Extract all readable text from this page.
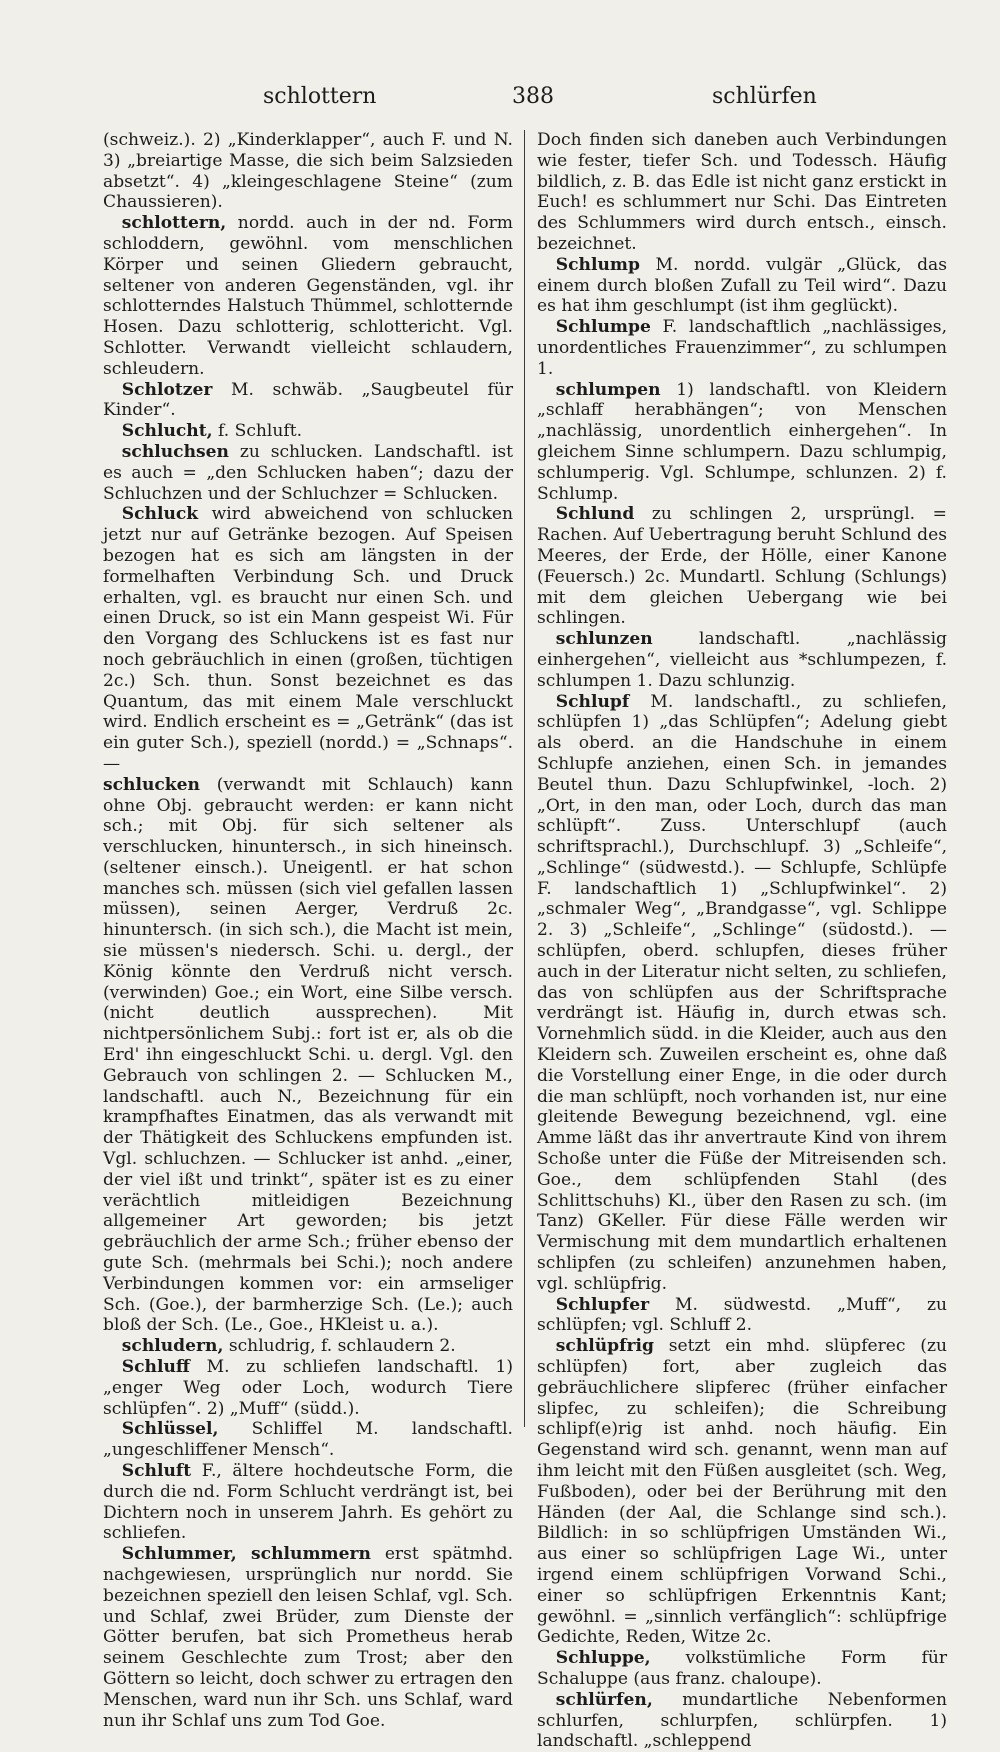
schlottern	388	schlürfen

(schweiz.). 2) „Kinderklapper“, auch F. und N. 3) „breiartige Masse, die sich beim Salzsieden absetzt“. 4) „kleingeschlagene Steine“ (zum Chaussieren).

schlottern, nordd. auch in der nd. Form schloddern, gewöhnl. vom menschlichen Körper und seinen Gliedern gebraucht, seltener von anderen Gegenständen, vgl. ihr schlotterndes Halstuch Thümmel, schlotternde Hosen. Dazu schlotterig, schlottericht. Vgl. Schlotter. Verwandt vielleicht schlaudern, schleudern.

Schlotzer M. schwäb. „Saugbeutel für Kinder“.

Schlucht, f. Schluft.

schluchsen zu schlucken. Landschaftl. ist es auch = „den Schlucken haben“; dazu der Schluchzen und der Schluchzer = Schlucken.

Schluck wird abweichend von schlucken jetzt nur auf Getränke bezogen. Auf Speisen bezogen hat es sich am längsten in der formelhaften Verbindung Sch. und Druck erhalten, vgl. es braucht nur einen Sch. und einen Druck, so ist ein Mann gespeist Wi. Für den Vorgang des Schluckens ist es fast nur noch gebräuchlich in einen (großen, tüchtigen 2c.) Sch. thun. Sonst bezeichnet es das Quantum, das mit einem Male verschluckt wird. Endlich erscheint es = „Getränk“ (das ist ein guter Sch.), speziell (nordd.) = „Schnaps“. —

schlucken (verwandt mit Schlauch) kann ohne Obj. gebraucht werden: er kann nicht sch.; mit Obj. für sich seltener als verschlucken, hinuntersch., in sich hineinsch. (seltener einsch.). Uneigentl. er hat schon manches sch. müssen (sich viel gefallen lassen müssen), seinen Aerger, Verdruß 2c. hinuntersch. (in sich sch.), die Macht ist mein, sie müssen's niedersch. Schi. u. dergl., der König könnte den Verdruß nicht versch. (verwinden) Goe.; ein Wort, eine Silbe versch. (nicht deutlich aussprechen). Mit nichtpersönlichem Subj.: fort ist er, als ob die Erd' ihn eingeschluckt Schi. u. dergl. Vgl. den Gebrauch von schlingen 2. — Schlucken M., landschaftl. auch N., Bezeichnung für ein krampfhaftes Einatmen, das als verwandt mit der Thätigkeit des Schluckens empfunden ist. Vgl. schluchzen. — Schlucker ist anhd. „einer, der viel ißt und trinkt“, später ist es zu einer verächtlich mitleidigen Bezeichnung allgemeiner Art geworden; bis jetzt gebräuchlich der arme Sch.; früher ebenso der gute Sch. (mehrmals bei Schi.); noch andere Verbindungen kommen vor: ein armseliger Sch. (Goe.), der barmherzige Sch. (Le.); auch bloß der Sch. (Le., Goe., HKleist u. a.).

schludern, schludrig, f. schlaudern 2.

Schluff M. zu schliefen landschaftl. 1) „enger Weg oder Loch, wodurch Tiere schlüpfen“. 2) „Muff“ (südd.).

Schlüssel, Schliffel M. landschaftl. „ungeschliffener Mensch“.

Schluft F., ältere hochdeutsche Form, die durch die nd. Form Schlucht verdrängt ist, bei Dichtern noch in unserem Jahrh. Es gehört zu schliefen.

Schlummer, schlummern erst spätmhd. nachgewiesen, ursprünglich nur nordd. Sie bezeichnen speziell den leisen Schlaf, vgl. Sch. und Schlaf, zwei Brüder, zum Dienste der Götter berufen, bat sich Prometheus herab seinem Geschlechte zum Trost; aber den Göttern so leicht, doch schwer zu ertragen den Menschen, ward nun ihr Sch. uns Schlaf, ward nun ihr Schlaf uns zum Tod Goe.

Doch finden sich daneben auch Verbindungen wie fester, tiefer Sch. und Todessch. Häufig bildlich, z. B. das Edle ist nicht ganz erstickt in Euch! es schlummert nur Schi. Das Eintreten des Schlummers wird durch entsch., einsch. bezeichnet.

Schlump M. nordd. vulgär „Glück, das einem durch bloßen Zufall zu Teil wird“. Dazu es hat ihm geschlumpt (ist ihm geglückt).

Schlumpe F. landschaftlich „nachlässiges, unordentliches Frauenzimmer“, zu schlumpen 1.

schlumpen 1) landschaftl. von Kleidern „schlaff herabhängen“; von Menschen „nachlässig, unordentlich einhergehen“. In gleichem Sinne schlumpern. Dazu schlumpig, schlumperig. Vgl. Schlumpe, schlunzen. 2) f. Schlump.

Schlund zu schlingen 2, ursprüngl. = Rachen. Auf Uebertragung beruht Schlund des Meeres, der Erde, der Hölle, einer Kanone (Feuersch.) 2c. Mundartl. Schlung (Schlungs) mit dem gleichen Uebergang wie bei schlingen.

schlunzen landschaftl. „nachlässig einhergehen“, vielleicht aus *schlumpezen, f. schlumpen 1. Dazu schlunzig.

Schlupf M. landschaftl., zu schliefen, schlüpfen 1) „das Schlüpfen“; Adelung giebt als oberd. an die Handschuhe in einem Schlupfe anziehen, einen Sch. in jemandes Beutel thun. Dazu Schlupfwinkel, -loch. 2) „Ort, in den man, oder Loch, durch das man schlüpft“. Zuss. Unterschlupf (auch schriftsprachl.), Durchschlupf. 3) „Schleife“, „Schlinge“ (südwestd.). — Schlupfe, Schlüpfe F. landschaftlich 1) „Schlupfwinkel“. 2) „schmaler Weg“, „Brandgasse“, vgl. Schlippe 2. 3) „Schleife“, „Schlinge“ (südostd.). — schlüpfen, oberd. schlupfen, dieses früher auch in der Literatur nicht selten, zu schliefen, das von schlüpfen aus der Schriftsprache verdrängt ist. Häufig in, durch etwas sch. Vornehmlich südd. in die Kleider, auch aus den Kleidern sch. Zuweilen erscheint es, ohne daß die Vorstellung einer Enge, in die oder durch die man schlüpft, noch vorhanden ist, nur eine gleitende Bewegung bezeichnend, vgl. eine Amme läßt das ihr anvertraute Kind von ihrem Schoße unter die Füße der Mitreisenden sch. Goe., dem schlüpfenden Stahl (des Schlittschuhs) Kl., über den Rasen zu sch. (im Tanz) GKeller. Für diese Fälle werden wir Vermischung mit dem mundartlich erhaltenen schlipfen (zu schleifen) anzunehmen haben, vgl. schlüpfrig.

Schlupfer M. südwestd. „Muff“, zu schlüpfen; vgl. Schluff 2.

schlüpfrig setzt ein mhd. slüpferec (zu schlüpfen) fort, aber zugleich das gebräuchlichere slipferec (früher einfacher slipfec, zu schleifen); die Schreibung schlipf(e)rig ist anhd. noch häufig. Ein Gegenstand wird sch. genannt, wenn man auf ihm leicht mit den Füßen ausgleitet (sch. Weg, Fußboden), oder bei der Berührung mit den Händen (der Aal, die Schlange sind sch.). Bildlich: in so schlüpfrigen Umständen Wi., aus einer so schlüpfrigen Lage Wi., unter irgend einem schlüpfrigen Vorwand Schi., einer so schlüpfrigen Erkenntnis Kant; gewöhnl. = „sinnlich verfänglich“: schlüpfrige Gedichte, Reden, Witze 2c.

Schluppe, volkstümliche Form für Schaluppe (aus franz. chaloupe).

schlürfen, mundartliche Nebenformen schlurfen, schlurpfen, schlürpfen. 1) landschaftl. „schleppend
